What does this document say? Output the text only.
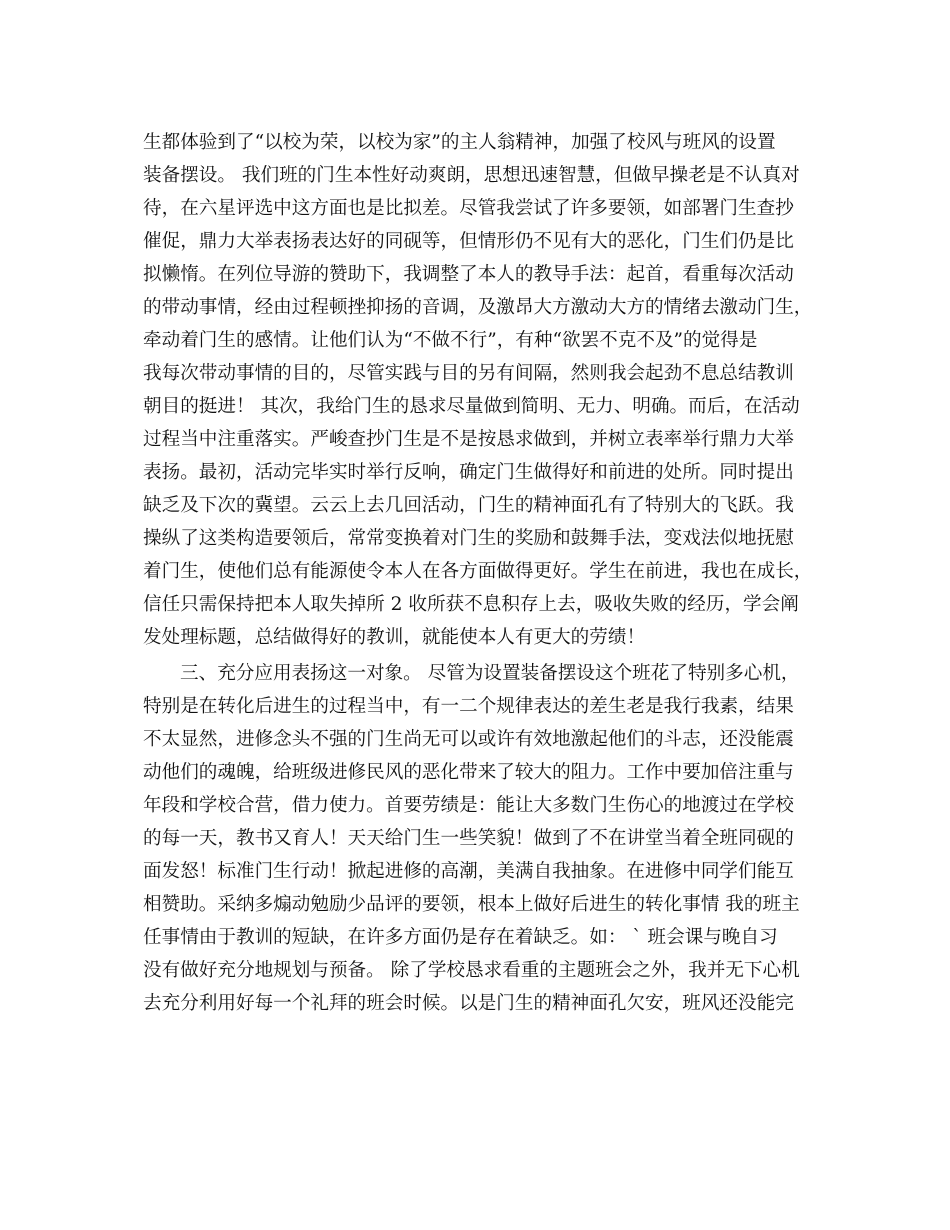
生都体验到了“以校为荣，以校为家”的主人翁精神，加强了校风与班风的设置
装备摆设。 我们班的门生本性好动爽朗，思想迅速智慧，但做早操老是不认真对
待，在六星评选中这方面也是比拟差。尽管我尝试了许多要领，如部署门生查抄
催促，鼎力大举表扬表达好的同砚等，但情形仍不见有大的恶化，门生们仍是比
拟懒惰。在列位导游的赞助下，我调整了本人的教导手法：起首，看重每次活动
的带动事情，经由过程顿挫抑扬的音调，及激昂大方激动大方的情绪去激动门生，
牵动着门生的感情。让他们认为“不做不行”，有种“欲罢不克不及”的觉得是
我每次带动事情的目的，尽管实践与目的另有间隔，然则我会起劲不息总结教训
朝目的挺进！ 其次，我给门生的恳求尽量做到简明、无力、明确。而后，在活动
过程当中注重落实。严峻查抄门生是不是按恳求做到，并树立表率举行鼎力大举
表扬。最初，活动完毕实时举行反响，确定门生做得好和前进的处所。同时提出
缺乏及下次的冀望。云云上去几回活动，门生的精神面孔有了特别大的飞跃。我
操纵了这类构造要领后，常常变换着对门生的奖励和鼓舞手法，变戏法似地抚慰
着门生，使他们总有能源使令本人在各方面做得更好。学生在前进，我也在成长，
信任只需保持把本人取失掉所 2 收所获不息积存上去，吸收失败的经历，学会阐
发处理标题，总结做得好的教训，就能使本人有更大的劳绩！
三、充分应用表扬这一对象。 尽管为设置装备摆设这个班花了特别多心机，
特别是在转化后进生的过程当中，有一二个规律表达的差生老是我行我素，结果
不太显然，进修念头不强的门生尚无可以或许有效地激起他们的斗志，还没能震
动他们的魂魄，给班级进修民风的恶化带来了较大的阻力。工作中要加倍注重与
年段和学校合营，借力使力。首要劳绩是：能让大多数门生伤心的地渡过在学校
的每一天，教书又育人！天天给门生一些笑貌！做到了不在讲堂当着全班同砚的
面发怒！标准门生行动！掀起进修的高潮，美满自我抽象。在进修中同学们能互
相赞助。采纳多煽动勉励少品评的要领，根本上做好后进生的转化事情 我的班主
任事情由于教训的短缺，在许多方面仍是存在着缺乏。如： ` 班会课与晚自习
没有做好充分地规划与预备。 除了学校恳求看重的主题班会之外，我并无下心机
去充分利用好每一个礼拜的班会时候。以是门生的精神面孔欠安，班风还没能完
